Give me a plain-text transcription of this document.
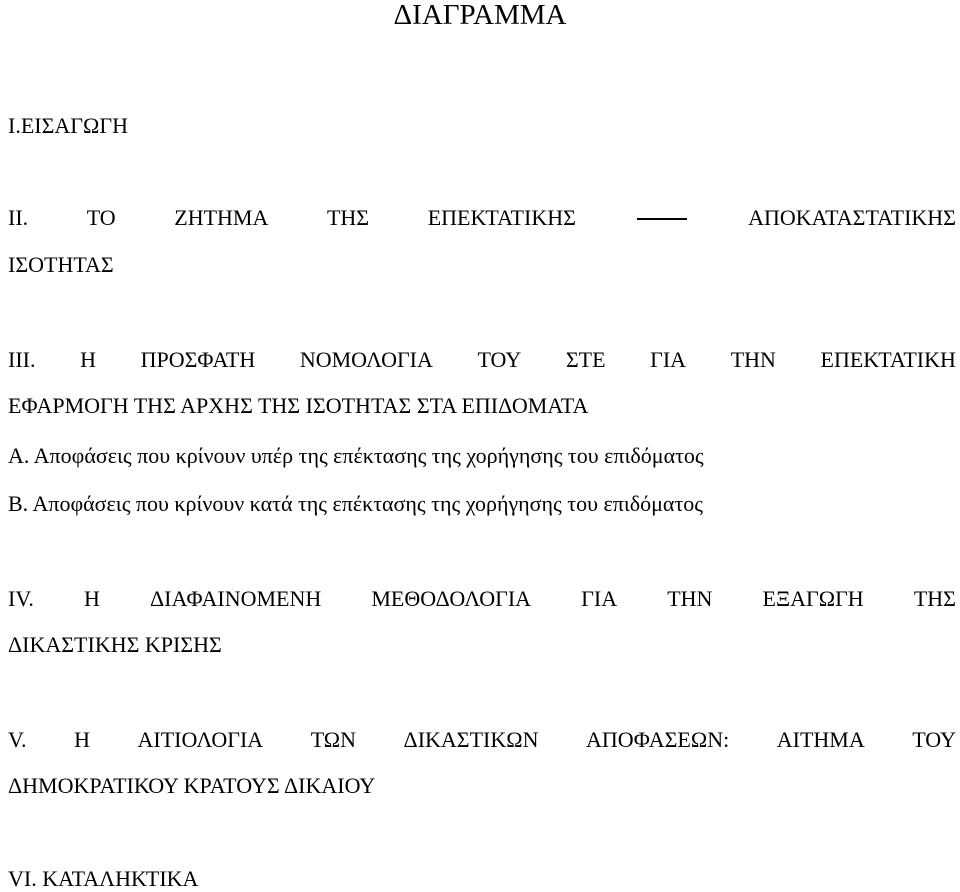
ΔΙΑΓΡΑΜΜΑ
I.ΕΙΣΑΓΩΓΗ
II.	ΤΟ	ΖΗΤΗΜΑ	ΤΗΣ	ΕΠΕΚΤΑΤΙΚΗΣ	ΑΠΟΚΑΤΑΣΤΑΤΙΚΗΣ
ΙΣΟΤΗΤΑΣ
III. Η ΠΡΟΣΦΑΤΗ ΝΟΜΟΛΟΓΙΑ ΤΟΥ ΣΤΕ ΓΙΑ ΤΗΝ ΕΠΕΚΤΑΤΙΚΗ
ΕΦΑΡΜΟΓΗ ΤΗΣ ΑΡΧΗΣ ΤΗΣ ΙΣΟΤΗΤΑΣ ΣΤΑ ΕΠΙΔΟΜΑΤΑ
Α. Αποφάσεις που κρίνουν υπέρ της επέκτασης της χορήγησης του επιδόματος
Β. Αποφάσεις που κρίνουν κατά της επέκτασης της χορήγησης του επιδόματος
IV. Η ΔΙΑΦΑΙΝΟΜΕΝΗ ΜΕΘΟΔΟΛΟΓΙΑ ΓΙΑ ΤΗΝ ΕΞΑΓΩΓΗ ΤΗΣ
ΔΙΚΑΣΤΙΚΗΣ ΚΡΙΣΗΣ
V. Η ΑΙΤΙΟΛΟΓΙΑ ΤΩΝ ΔΙΚΑΣΤΙΚΩΝ ΑΠΟΦΑΣΕΩΝ: ΑΙΤΗΜΑ ΤΟΥ
ΔΗΜΟΚΡΑΤΙΚΟΥ ΚΡΑΤΟΥΣ ΔΙΚΑΙΟΥ
VI. ΚΑΤΑΛΗΚΤΙΚΑ
